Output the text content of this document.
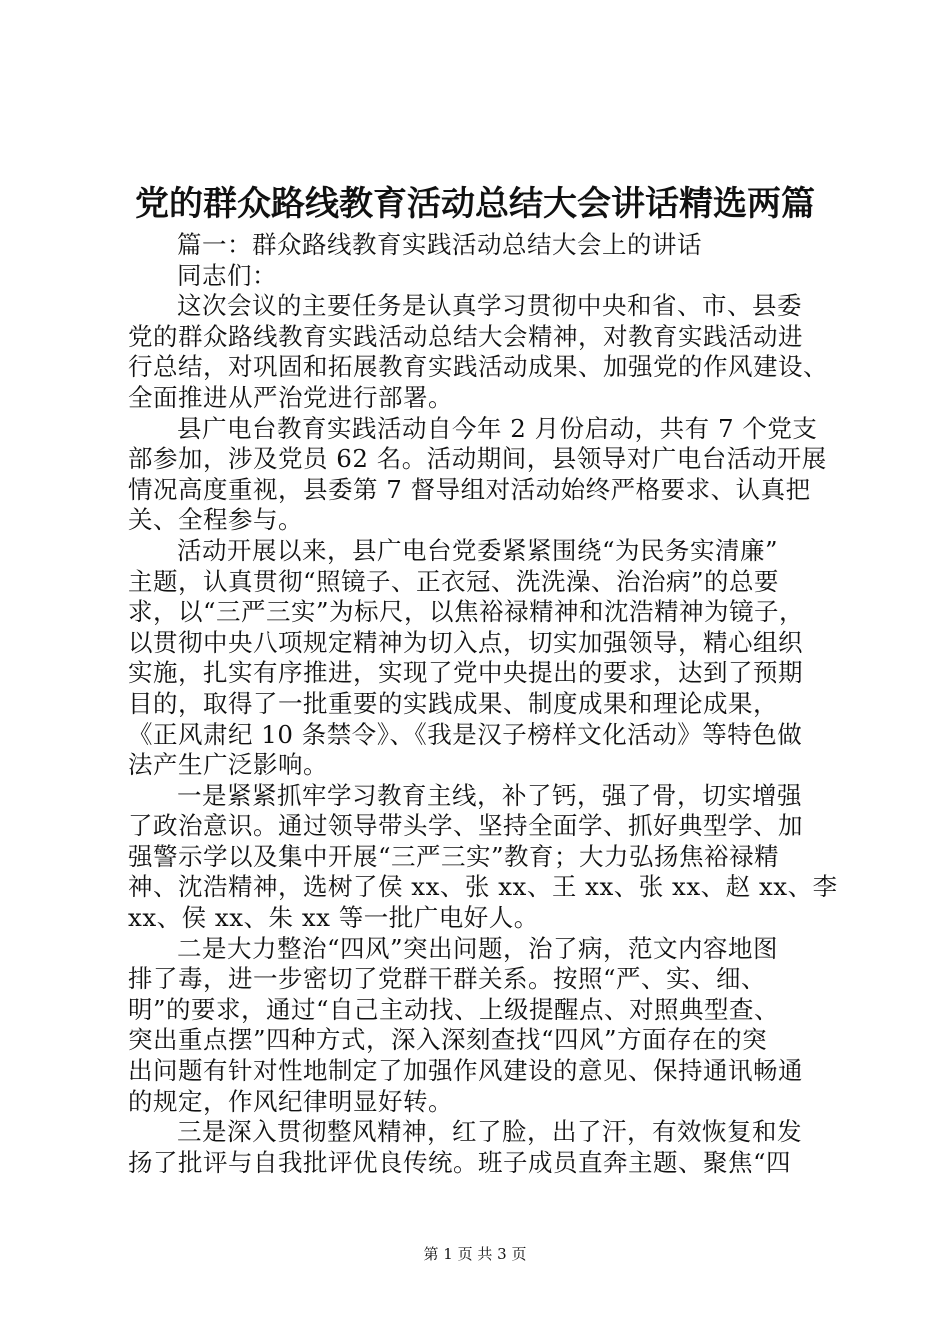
党的群众路线教育活动总结大会讲话精选两篇
篇一：群众路线教育实践活动总结大会上的讲话
同志们：
这次会议的主要任务是认真学习贯彻中央和省、市、县委
党的群众路线教育实践活动总结大会精神，对教育实践活动进
行总结，对巩固和拓展教育实践活动成果、加强党的作风建设、
全面推进从严治党进行部署。
县广电台教育实践活动自今年 2 月份启动，共有 7 个党支
部参加，涉及党员 62 名。活动期间，县领导对广电台活动开展
情况高度重视，县委第 7 督导组对活动始终严格要求、认真把
关、全程参与。
活动开展以来，县广电台党委紧紧围绕“为民务实清廉”
主题，认真贯彻“照镜子、正衣冠、洗洗澡、治治病”的总要
求，以“三严三实”为标尺，以焦裕禄精神和沈浩精神为镜子，
以贯彻中央八项规定精神为切入点，切实加强领导，精心组织
实施，扎实有序推进，实现了党中央提出的要求，达到了预期
目的，取得了一批重要的实践成果、制度成果和理论成果，
《正风肃纪 10 条禁令》、《我是汉子榜样文化活动》等特色做
法产生广泛影响。
一是紧紧抓牢学习教育主线，补了钙，强了骨，切实增强
了政治意识。通过领导带头学、坚持全面学、抓好典型学、加
强警示学以及集中开展“三严三实”教育；大力弘扬焦裕禄精
神、沈浩精神，选树了侯 xx、张 xx、王 xx、张 xx、赵 xx、李
xx、侯 xx、朱 xx 等一批广电好人。
二是大力整治“四风”突出问题，治了病，范文内容地图
排了毒，进一步密切了党群干群关系。按照“严、实、细、
明”的要求，通过“自己主动找、上级提醒点、对照典型查、
突出重点摆”四种方式，深入深刻查找“四风”方面存在的突
出问题有针对性地制定了加强作风建设的意见、保持通讯畅通
的规定，作风纪律明显好转。
三是深入贯彻整风精神，红了脸，出了汗，有效恢复和发
扬了批评与自我批评优良传统。班子成员直奔主题、聚焦“四
第 1 页 共 3 页
